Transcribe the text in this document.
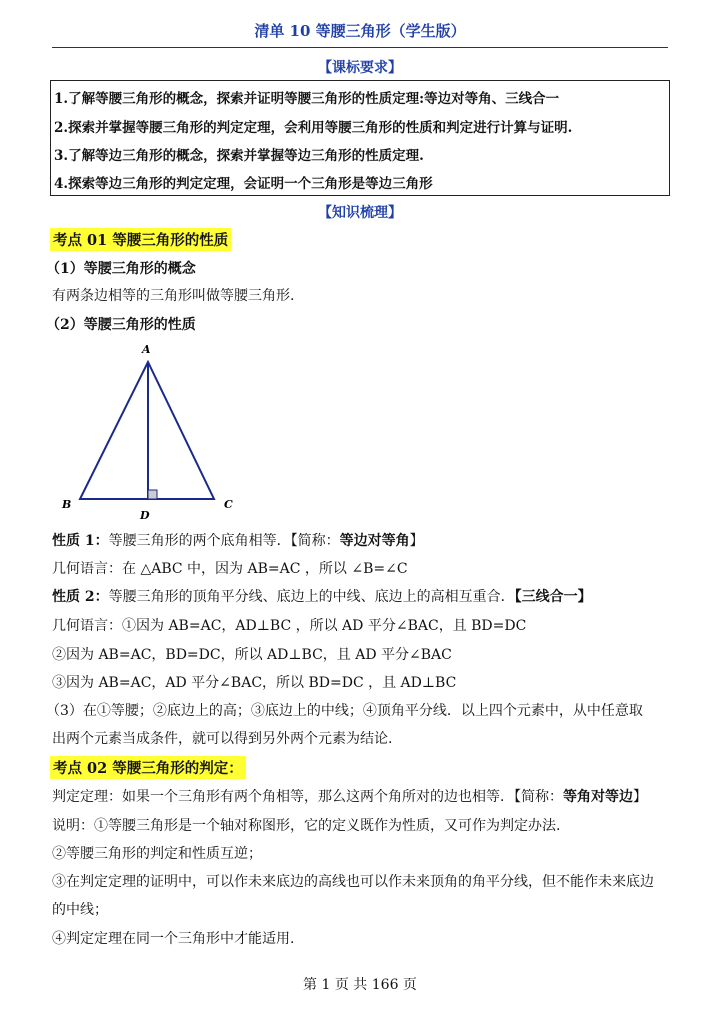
清单 10 等腰三角形（学生版）
【课标要求】
1.了解等腰三角形的概念，探索并证明等腰三角形的性质定理:等边对等角、三线合一
2.探索并掌握等腰三角形的判定定理，会利用等腰三角形的性质和判定进行计算与证明.
3.了解等边三角形的概念，探索并掌握等边三角形的性质定理.
4.探索等边三角形的判定定理，会证明一个三角形是等边三角形
【知识梳理】
考点 01 等腰三角形的性质
（1）等腰三角形的概念
有两条边相等的三角形叫做等腰三角形.
（2）等腰三角形的性质
A
B	C
D
性质 1：等腰三角形的两个底角相等．【简称：等边对等角】
几何语言：在 △ABC 中，因为 AB=AC ，所以 ∠B=∠C
性质 2：等腰三角形的顶角平分线、底边上的中线、底边上的高相互重合．【三线合一】
几何语言：①因为 AB=AC，AD⊥BC ，所以 AD 平分∠BAC，且 BD=DC
②因为 AB=AC，BD=DC，所以 AD⊥BC，且 AD 平分∠BAC
③因为 AB=AC，AD 平分∠BAC，所以 BD=DC ，且 AD⊥BC
（3）在①等腰；②底边上的高；③底边上的中线；④顶角平分线．以上四个元素中，从中任意取
出两个元素当成条件，就可以得到另外两个元素为结论.
考点 02 等腰三角形的判定：
判定定理：如果一个三角形有两个角相等，那么这两个角所对的边也相等．【简称：等角对等边】
说明：①等腰三角形是一个轴对称图形，它的定义既作为性质，又可作为判定办法.
②等腰三角形的判定和性质互逆；
③在判定定理的证明中，可以作未来底边的高线也可以作未来顶角的角平分线，但不能作未来底边
的中线；
④判定定理在同一个三角形中才能适用.
第 1 页 共 166 页
